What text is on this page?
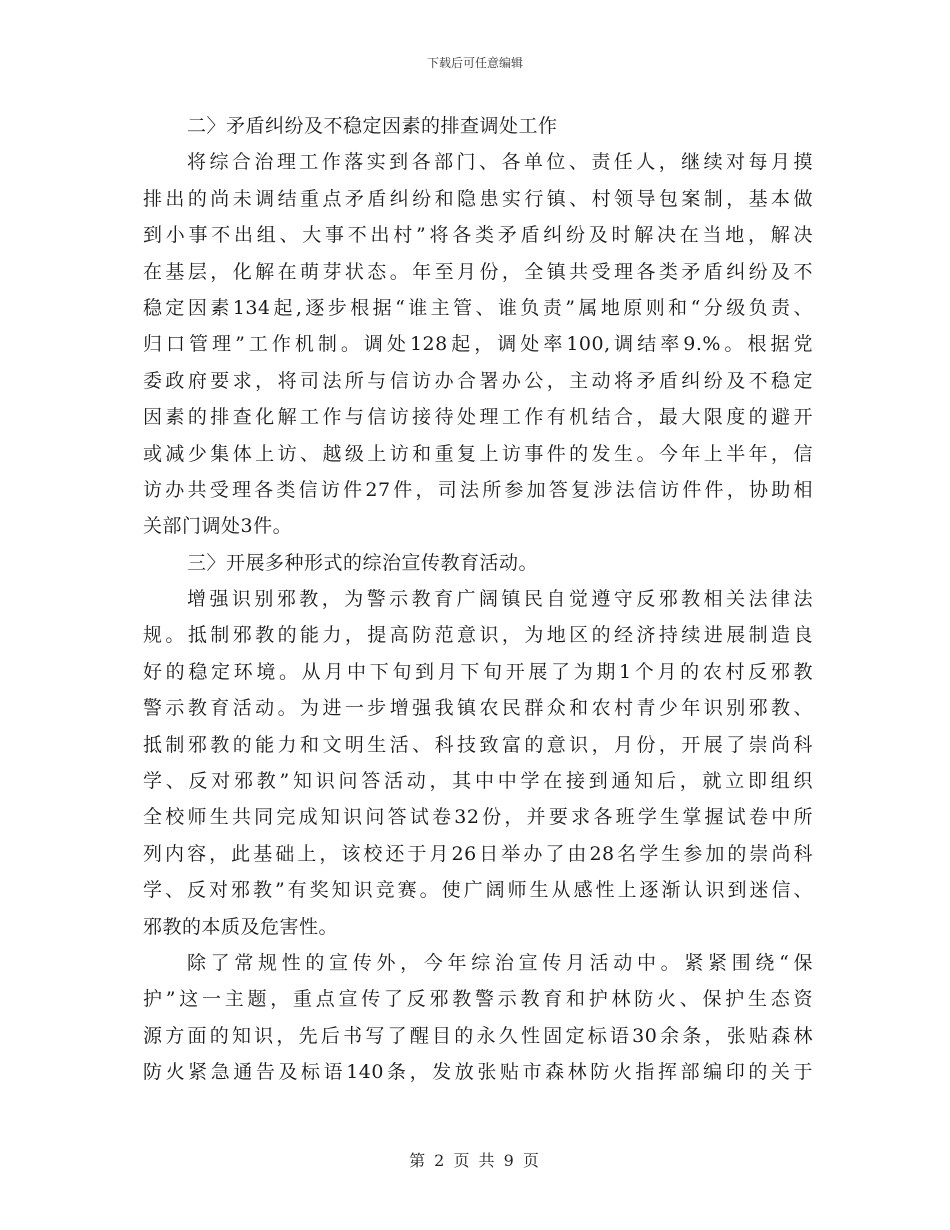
下载后可任意编辑
二〉矛盾纠纷及不稳定因素的排查调处工作
将综合治理工作落实到各部门、各单位、责任人，继续对每月摸
排出的尚未调结重点矛盾纠纷和隐患实行镇、村领导包案制，基本做
到小事不出组、大事不出村”将各类矛盾纠纷及时解决在当地，解决
在基层，化解在萌芽状态。年至月份，全镇共受理各类矛盾纠纷及不
稳定因素134起,逐步根据“谁主管、谁负责”属地原则和“分级负责、
归口管理”工作机制。调处128起，调处率100,调结率9.%。根据党
委政府要求，将司法所与信访办合署办公，主动将矛盾纠纷及不稳定
因素的排查化解工作与信访接待处理工作有机结合，最大限度的避开
或减少集体上访、越级上访和重复上访事件的发生。今年上半年，信
访办共受理各类信访件27件，司法所参加答复涉法信访件件，协助相
关部门调处3件。
三〉开展多种形式的综治宣传教育活动。
增强识别邪教，为警示教育广阔镇民自觉遵守反邪教相关法律法
规。抵制邪教的能力，提高防范意识，为地区的经济持续进展制造良
好的稳定环境。从月中下旬到月下旬开展了为期1个月的农村反邪教
警示教育活动。为进一步增强我镇农民群众和农村青少年识别邪教、
抵制邪教的能力和文明生活、科技致富的意识，月份，开展了崇尚科
学、反对邪教”知识问答活动，其中中学在接到通知后，就立即组织
全校师生共同完成知识问答试卷32份，并要求各班学生掌握试卷中所
列内容，此基础上，该校还于月26日举办了由28名学生参加的崇尚科
学、反对邪教”有奖知识竞赛。使广阔师生从感性上逐渐认识到迷信、
邪教的本质及危害性。
除了常规性的宣传外，今年综治宣传月活动中。紧紧围绕“保
护”这一主题，重点宣传了反邪教警示教育和护林防火、保护生态资
源方面的知识，先后书写了醒目的永久性固定标语30余条，张贴森林
防火紧急通告及标语140条，发放张贴市森林防火指挥部编印的关于
第 2 页 共 9 页
